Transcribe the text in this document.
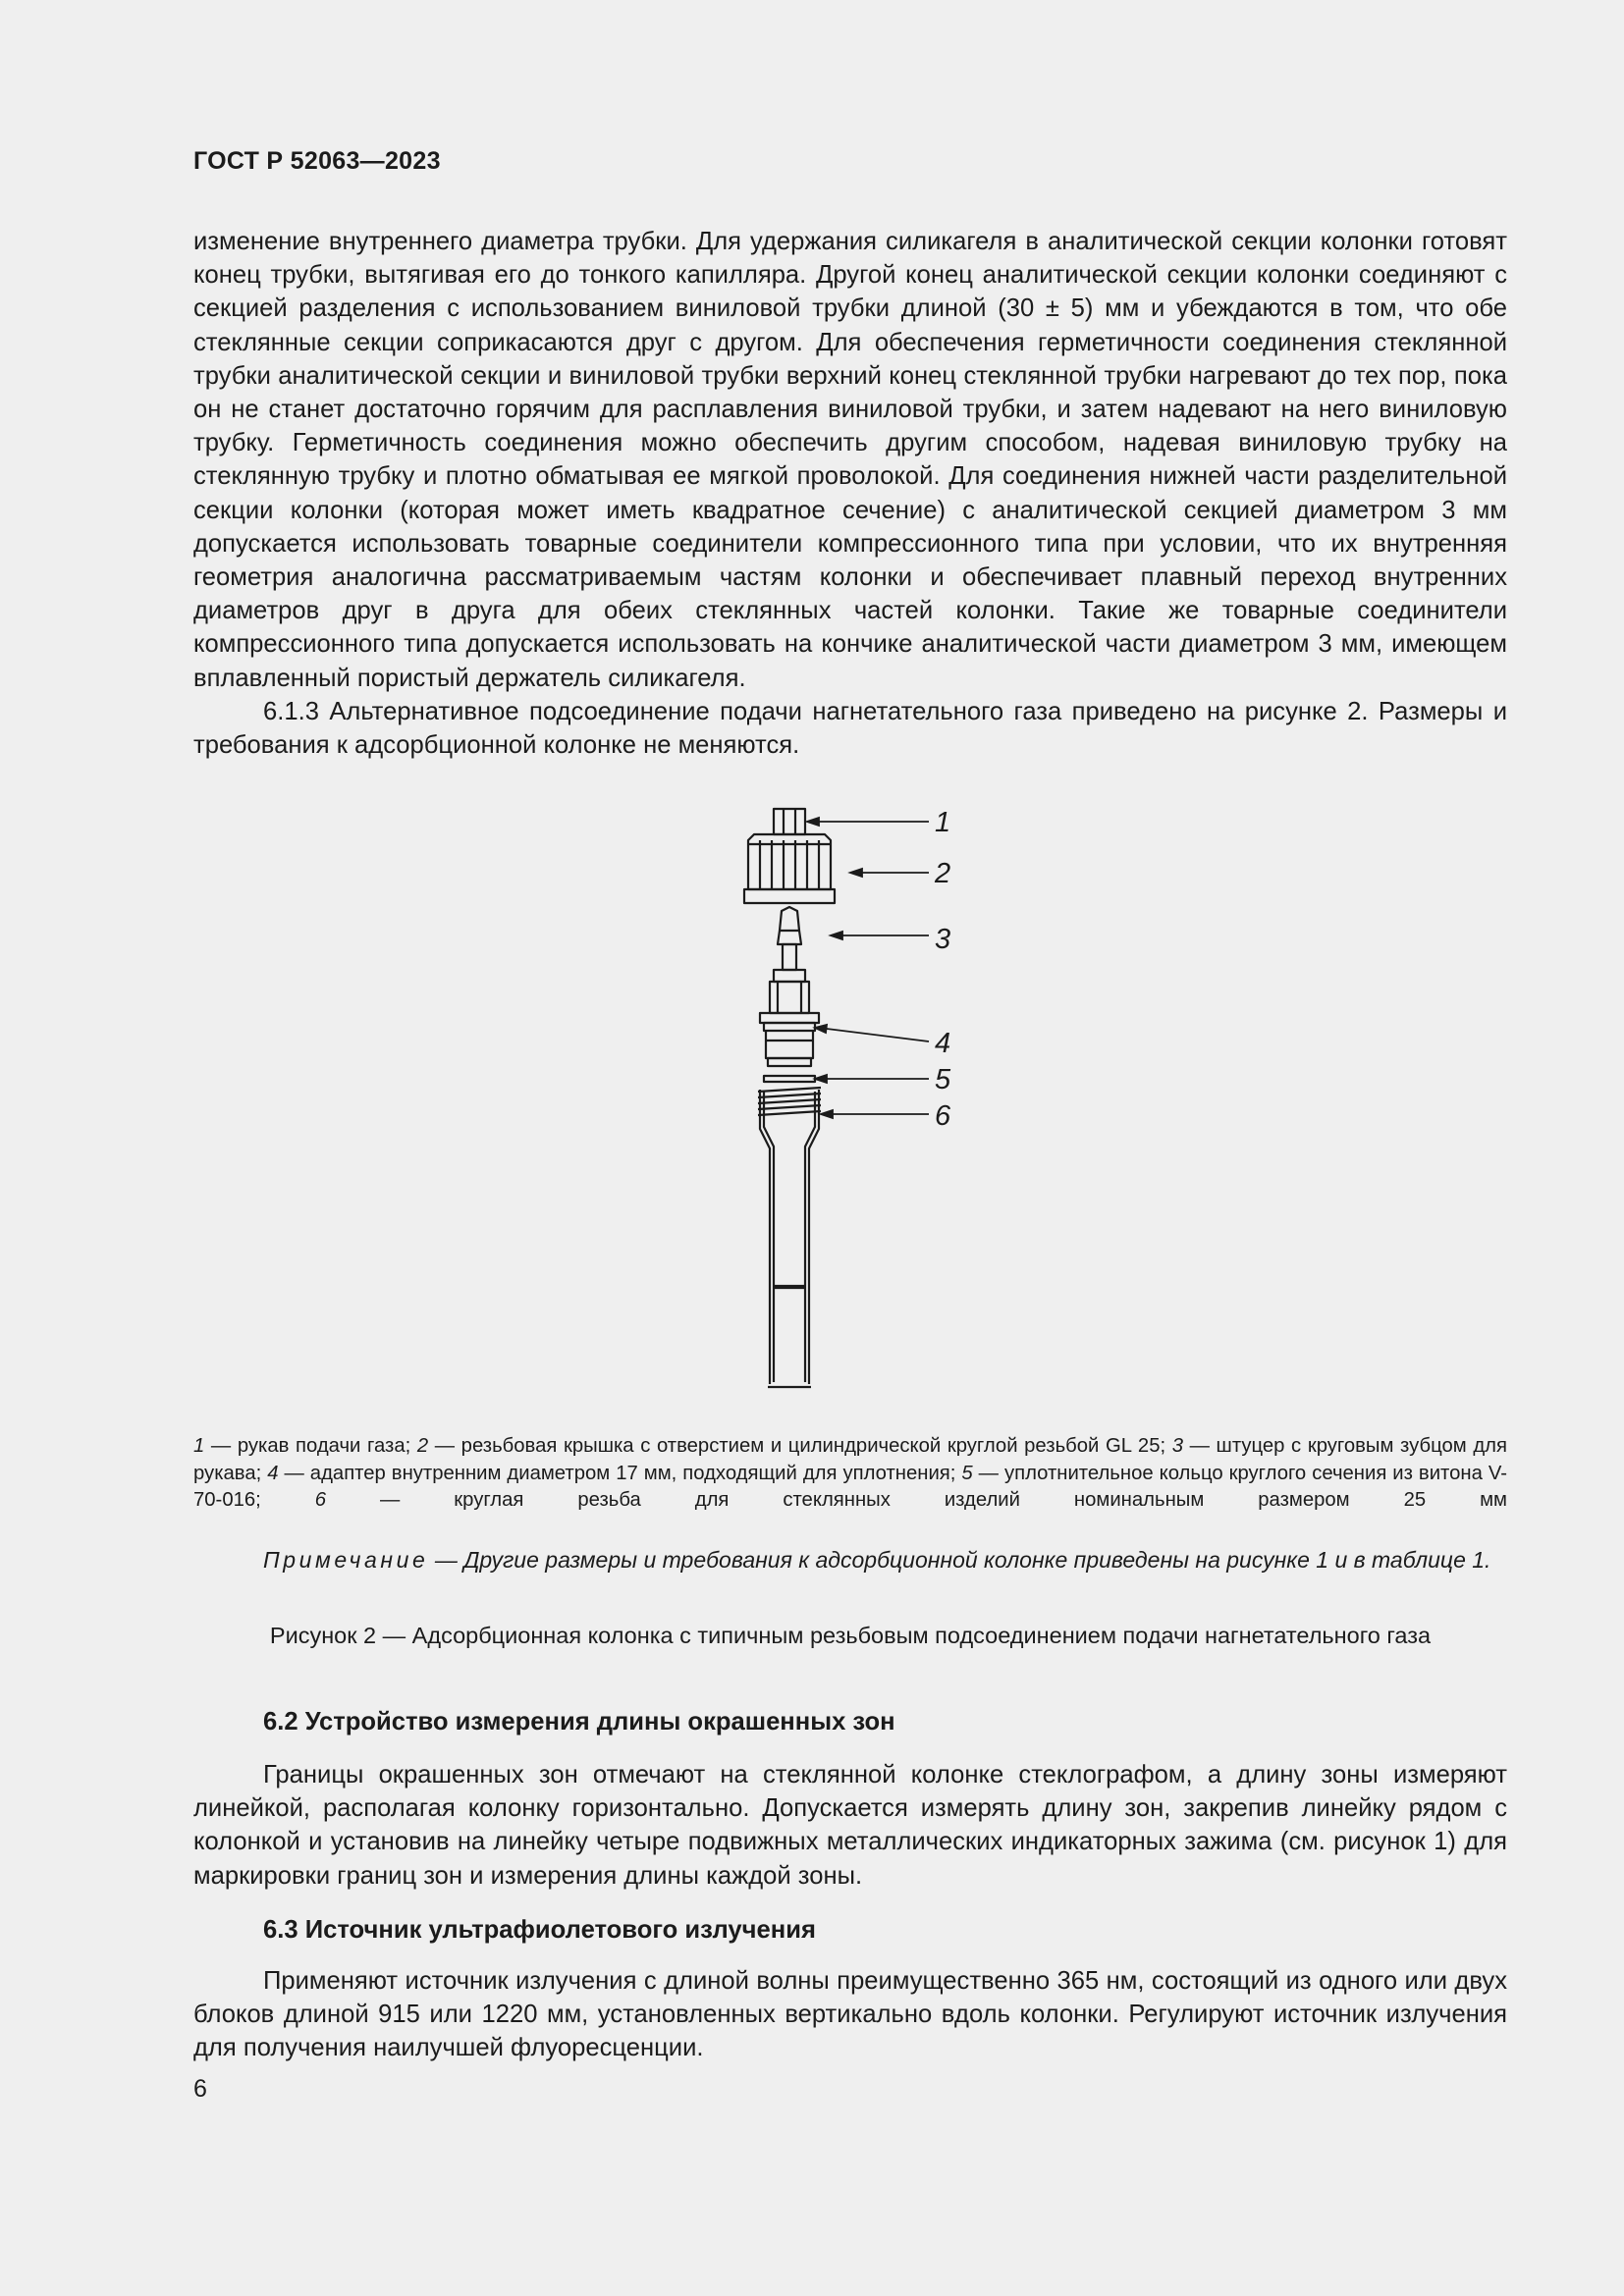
ГОСТ Р 52063—2023

изменение внутреннего диаметра трубки. Для удержания силикагеля в аналитической секции колонки готовят конец трубки, вытягивая его до тонкого капилляра. Другой конец аналитической секции колонки соединяют с секцией разделения с использованием виниловой трубки длиной (30 ± 5) мм и убеждаются в том, что обе стеклянные секции соприкасаются друг с другом. Для обеспечения герметичности соединения стеклянной трубки аналитической секции и виниловой трубки верхний конец стеклянной трубки нагревают до тех пор, пока он не станет достаточно горячим для расплавления виниловой трубки, и затем надевают на него виниловую трубку. Герметичность соединения можно обеспечить другим способом, надевая виниловую трубку на стеклянную трубку и плотно обматывая ее мягкой проволокой. Для соединения нижней части разделительной секции колонки (которая может иметь квадратное сечение) с аналитической секцией диаметром 3 мм допускается использовать товарные соединители компрессионного типа при условии, что их внутренняя геометрия аналогична рассматриваемым частям колонки и обеспечивает плавный переход внутренних диаметров друг в друга для обеих стеклянных частей колонки. Такие же товарные соединители компрессионного типа допускается использовать на кончике аналитической части диаметром 3 мм, имеющем вплавленный пористый держатель силикагеля.

6.1.3 Альтернативное подсоединение подачи нагнетательного газа приведено на рисунке 2. Размеры и требования к адсорбционной колонке не меняются.

1
2
3
4
5
6

1 — рукав подачи газа; 2 — резьбовая крышка с отверстием и цилиндрической круглой резьбой GL 25; 3 — штуцер с круговым зубцом для рукава; 4 — адаптер внутренним диаметром 17 мм, подходящий для уплотнения; 5 — уплотнительное кольцо круглого сечения из витона V-70-016; 6 — круглая резьба для стеклянных изделий номинальным размером 25 мм

Примечание — Другие размеры и требования к адсорбционной колонке приведены на рисунке 1 и в таблице 1.
Рисунок 2 — Адсорбционная колонка с типичным резьбовым подсоединением подачи нагнетательного газа
6.2 Устройство измерения длины окрашенных зон
Границы окрашенных зон отмечают на стеклянной колонке стеклографом, а длину зоны измеряют линейкой, располагая колонку горизонтально. Допускается измерять длину зон, закрепив линейку рядом с колонкой и установив на линейку четыре подвижных металлических индикаторных зажима (см. рисунок 1) для маркировки границ зон и измерения длины каждой зоны.
6.3 Источник ультрафиолетового излучения
Применяют источник излучения с длиной волны преимущественно 365 нм, состоящий из одного или двух блоков длиной 915 или 1220 мм, установленных вертикально вдоль колонки. Регулируют источник излучения для получения наилучшей флуоресценции.
6
